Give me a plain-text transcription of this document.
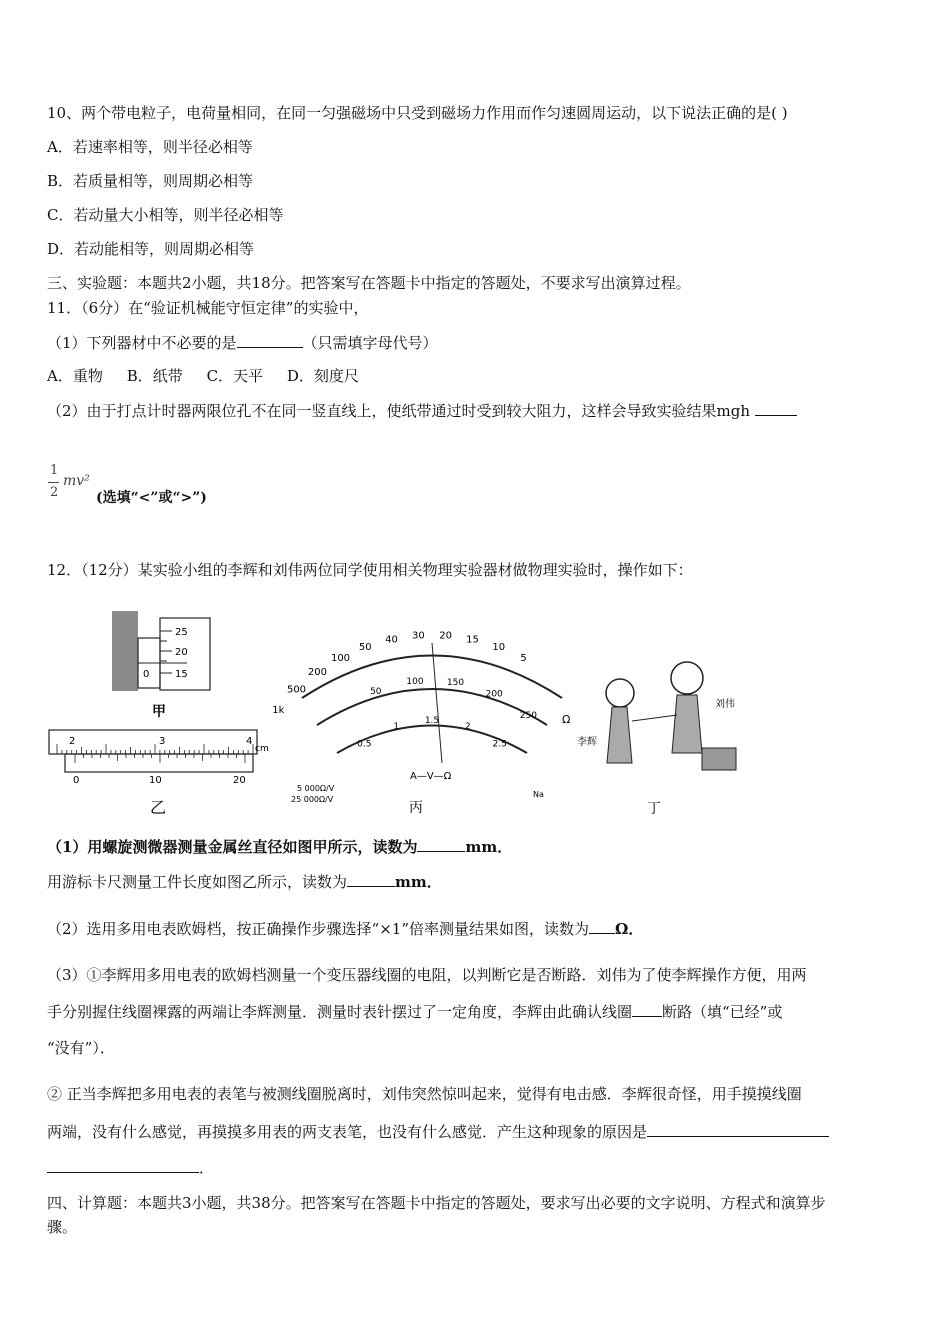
10、两个带电粒子，电荷量相同，在同一匀强磁场中只受到磁场力作用而作匀速圆周运动，以下说法正确的是( )
A．若速率相等，则半径必相等
B．若质量相等，则周期必相等
C．若动量大小相等，则半径必相等
D．若动能相等，则周期必相等
三、实验题：本题共2小题，共18分。把答案写在答题卡中指定的答题处，不要求写出演算过程。
11．（6分）在“验证机械能守恒定律”的实验中，
（1）下列器材中不必要的是	（只需填字母代号）
A．重物 B．纸带 C．天平 D．刻度尺
（2）由于打点计时器两限位孔不在同一竖直线上，使纸带通过时受到较大阻力，这样会导致实验结果mgh
1
2
mv²
(选填“<”或“>”)
12．（12分）某实验小组的李辉和刘伟两位同学使用相关物理实验器材做物理实验时，操作如下：
25
20
15
0
甲
2	3	4
cm
0	10	20
乙
1k
500
200
100
50
40 30 20 15
10
5
50
100	150
200
250
0.5
1
1.5
2
2.5
Ω
5 000Ω/V
25 000Ω/V
A—V—Ω
Na
丙
刘伟
李辉
丁
（1）用螺旋测微器测量金属丝直径如图甲所示，读数为	mm．
用游标卡尺测量工件长度如图乙所示，读数为	mm．
（2）选用多用电表欧姆档，按正确操作步骤选择“×1”倍率测量结果如图，读数为 Ω．
（3）①李辉用多用电表的欧姆档测量一个变压器线圈的电阻，以判断它是否断路．刘伟为了使李辉操作方便，用两
手分别握住线圈裸露的两端让李辉测量．测量时表针摆过了一定角度，李辉由此确认线圈 断路（填“已经”或
“没有”）．
② 正当李辉把多用电表的表笔与被测线圈脱离时，刘伟突然惊叫起来，觉得有电击感．李辉很奇怪，用手摸摸线圈
两端，没有什么感觉，再摸摸多用表的两支表笔，也没有什么感觉．产生这种现象的原因是
．
四、计算题：本题共3小题，共38分。把答案写在答题卡中指定的答题处，要求写出必要的文字说明、方程式和演算步
骤。
